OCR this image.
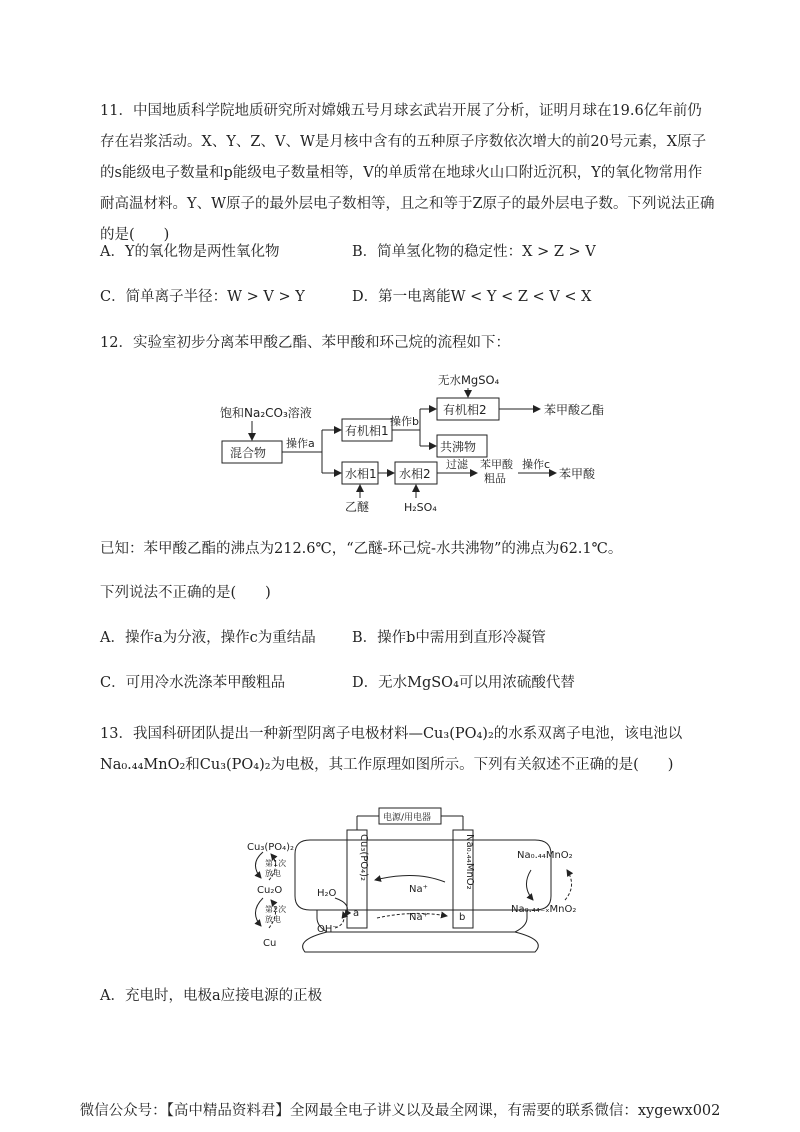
11．中国地质科学院地质研究所对嫦娥五号月球玄武岩开展了分析，证明月球在19.6亿年前仍存在岩浆活动。X、Y、Z、V、W是月核中含有的五种原子序数依次增大的前20号元素，X原子的s能级电子数量和p能级电子数量相等，V的单质常在地球火山口附近沉积，Y的氧化物常用作耐高温材料。Y、W原子的最外层电子数相等，且之和等于Z原子的最外层电子数。下列说法正确的是(　　)
A．Y的氧化物是两性氧化物	B．简单氢化物的稳定性：X > Z > V
C．简单离子半径：W > V > Y	D．第一电离能W < Y < Z < V < X
12．实验室初步分离苯甲酸乙酯、苯甲酸和环己烷的流程如下：
饱和Na₂CO₃溶液
混合物
操作a
有机相1
操作b
无水MgSO₄
有机相2	苯甲酸乙酯
共沸物
水相1
乙醚
水相2
H₂SO₄
过滤 苯甲酸
粗品
操作c
苯甲酸
已知：苯甲酸乙酯的沸点为212.6℃，“乙醚-环己烷-水共沸物”的沸点为62.1℃。
下列说法不正确的是(　　)
A．操作a为分液，操作c为重结晶	B．操作b中需用到直形冷凝管
C．可用冷水洗涤苯甲酸粗品	D．无水MgSO₄可以用浓硫酸代替
13．我国科研团队提出一种新型阴离子电极材料—Cu₃(PO₄)₂的水系双离子电池，该电池以Na₀.₄₄MnO₂和Cu₃(PO₄)₂为电极，其工作原理如图所示。下列有关叙述不正确的是(　　)
电源/用电器
Cu₃(PO₄)₂	Na₀.₄₄MnO₂
Cu₃(PO₄)₂
第1次
放电
Cu₂O
第2次
放电
Cu
H₂O
OH⁻
Na⁺
Na⁺
a	b
Na₀.₄₄MnO₂
Na₀.₄₄₋ₓMnO₂
A．充电时，电极a应接电源的正极
微信公众号：【高中精品资料君】全网最全电子讲义以及最全网课，有需要的联系微信：xygewx002
